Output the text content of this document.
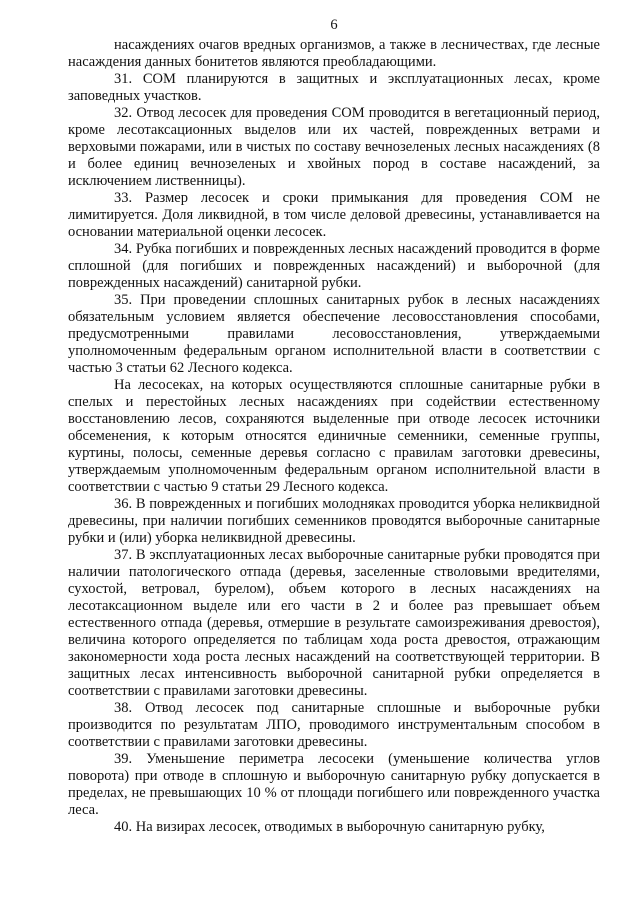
6

насаждениях очагов вредных организмов, а также в лесничествах, где лесные насаждения данных бонитетов являются преобладающими.

31. СОМ планируются в защитных и эксплуатационных лесах, кроме заповедных участков.

32. Отвод лесосек для проведения СОМ проводится в вегетационный период, кроме лесотаксационных выделов или их частей, поврежденных ветрами и верховыми пожарами, или в чистых по составу вечнозеленых лесных насаждениях (8 и более единиц вечнозеленых и хвойных пород в составе насаждений, за исключением лиственницы).

33. Размер лесосек и сроки примыкания для проведения СОМ не лимитируется. Доля ликвидной, в том числе деловой древесины, устанавливается на основании материальной оценки лесосек.

34. Рубка погибших и поврежденных лесных насаждений проводится в форме сплошной (для погибших и поврежденных насаждений) и выборочной (для поврежденных насаждений) санитарной рубки.

35. При проведении сплошных санитарных рубок в лесных насаждениях обязательным условием является обеспечение лесовосстановления способами, предусмотренными правилами лесовосстановления, утверждаемыми уполномоченным федеральным органом исполнительной власти в соответствии с частью 3 статьи 62 Лесного кодекса.

На лесосеках, на которых осуществляются сплошные санитарные рубки в спелых и перестойных лесных насаждениях при содействии естественному восстановлению лесов, сохраняются выделенные при отводе лесосек источники обсеменения, к которым относятся единичные семенники, семенные группы, куртины, полосы, семенные деревья согласно с правилам заготовки древесины, утверждаемым уполномоченным федеральным органом исполнительной власти в соответствии с частью 9 статьи 29 Лесного кодекса.

36. В поврежденных и погибших молодняках проводится уборка неликвидной древесины, при наличии погибших семенников проводятся выборочные санитарные рубки и (или) уборка неликвидной древесины.

37. В эксплуатационных лесах выборочные санитарные рубки проводятся при наличии патологического отпада (деревья, заселенные стволовыми вредителями, сухостой, ветровал, бурелом), объем которого в лесных насаждениях на лесотаксационном выделе или его части в 2 и более раз превышает объем естественного отпада (деревья, отмершие в результате самоизреживания древостоя), величина которого определяется по таблицам хода роста древостоя, отражающим закономерности хода роста лесных насаждений на соответствующей территории. В защитных лесах интенсивность выборочной санитарной рубки определяется в соответствии с правилами заготовки древесины.

38. Отвод лесосек под санитарные сплошные и выборочные рубки производится по результатам ЛПО, проводимого инструментальным способом в соответствии с правилами заготовки древесины.

39. Уменьшение периметра лесосеки (уменьшение количества углов поворота) при отводе в сплошную и выборочную санитарную рубку допускается в пределах, не превышающих 10 % от площади погибшего или поврежденного участка леса.

40. На визирах лесосек, отводимых в выборочную санитарную рубку,
